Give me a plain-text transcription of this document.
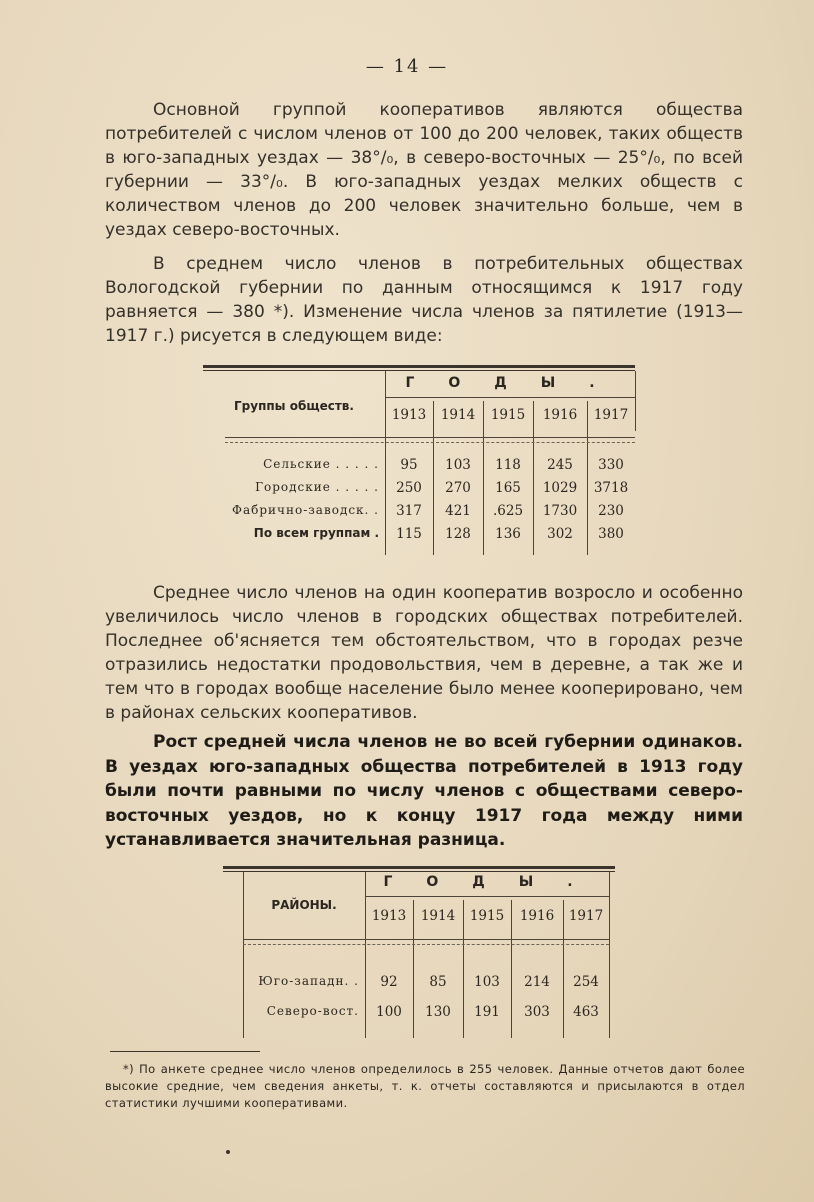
— 14 —
Основной группой кооперативов являются общества потребителей с числом членов от 100 до 200 человек, таких обществ в юго-западных уездах — 38°/₀, в северо-восточных — 25°/₀, по всей губернии — 33°/₀. В юго-западных уездах мелких обществ с количеством членов до 200 человек значительно больше, чем в уездах северо-восточных.
В среднем число членов в потребительных обществах Вологодской губернии по данным относящимся к 1917 году равняется — 380 *). Изменение числа членов за пятилетие (1913—1917 г.) рисуется в следующем виде:
Группы обществ.
ГОДЫ.
1913	1914	1915	1916	1917
Сельские . . . . .	95	103	118	245	330
Городские . . . . .	250	270	165	1029	3718
Фабрично-заводск. .	317	421	.625	1730	230
По всем группам .	115	128	136	302	380
Среднее число членов на один кооператив возросло и особенно увеличилось число членов в городских обществах потребителей. Последнее об'ясняется тем обстоятельством, что в городах резче отразились недостатки продовольствия, чем в деревне, а так же и тем что в городах вообще население было менее кооперировано, чем в районах сельских кооперативов.
Рост средней числа членов не во всей губернии одинаков. В уездах юго-западных общества потребителей в 1913 году были почти равными по числу членов с обществами северо-восточных уездов, но к концу 1917 года между ними устанавливается значительная разница.
РАЙОНЫ.
ГОДЫ.
1913	1914	1915	1916	1917
Юго-западн. .	92	85	103	214	254
Северо-вост.	100	130	191	303	463
*) По анкете среднее число членов определилось в 255 человек. Данные отчетов дают более высокие средние, чем сведения анкеты, т. к. отчеты составляются и присылаются в отдел статистики лучшими кооперативами.
